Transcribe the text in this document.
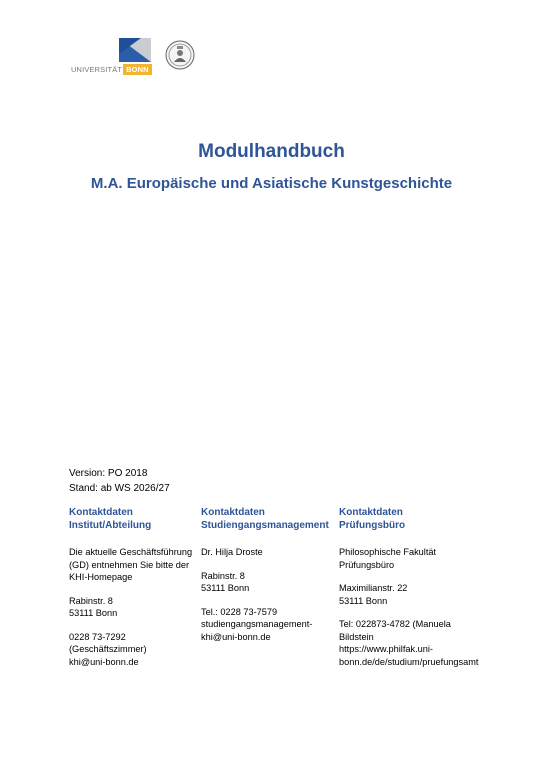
UNIVERSITÄT BONN
Modulhandbuch
M.A. Europäische und Asiatische Kunstgeschichte
Version: PO 2018
Stand: ab WS 2026/27
Kontaktdaten
Institut/Abteilung
Die aktuelle Geschäftsführung
(GD) entnehmen Sie bitte der
KHI-Homepage
Rabinstr. 8
53111 Bonn
0228 73-7292
(Geschäftszimmer)
khi@uni-bonn.de
Kontaktdaten
Studiengangsmanagement
Dr. Hilja Droste
Rabinstr. 8
53111 Bonn
Tel.: 0228 73-7579
studiengangsmanagement-
khi@uni-bonn.de
Kontaktdaten
Prüfungsbüro
Philosophische Fakultät
Prüfungsbüro
Maximilianstr. 22
53111 Bonn
Tel: 022873-4782 (Manuela
Bildstein
https://www.philfak.uni-
bonn.de/de/studium/pruefungsamt
